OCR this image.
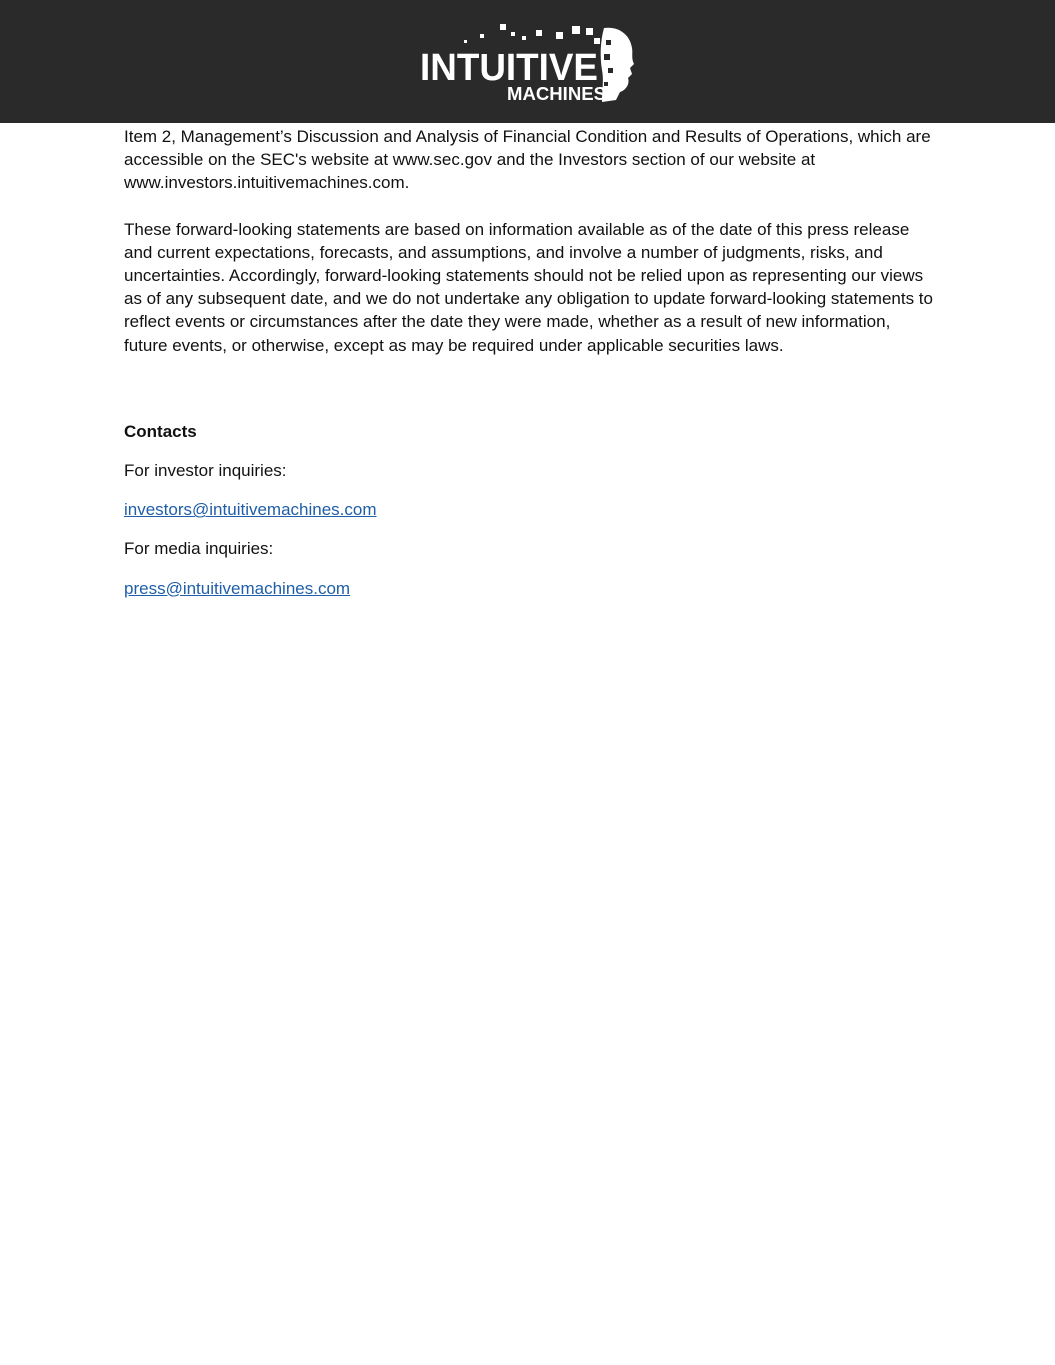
INTUITIVE
MACHINES

Item 2, Management’s Discussion and Analysis of Financial Condition and Results of Operations, which are accessible on the SEC's website at www.sec.gov and the Investors section of our website at www.investors.intuitivemachines.com.

These forward-looking statements are based on information available as of the date of this press release and current expectations, forecasts, and assumptions, and involve a number of judgments, risks, and uncertainties. Accordingly, forward-looking statements should not be relied upon as representing our views as of any subsequent date, and we do not undertake any obligation to update forward-looking statements to reflect events or circumstances after the date they were made, whether as a result of new information, future events, or otherwise, except as may be required under applicable securities laws.

Contacts

For investor inquiries:

investors@intuitivemachines.com

For media inquiries:

press@intuitivemachines.com
